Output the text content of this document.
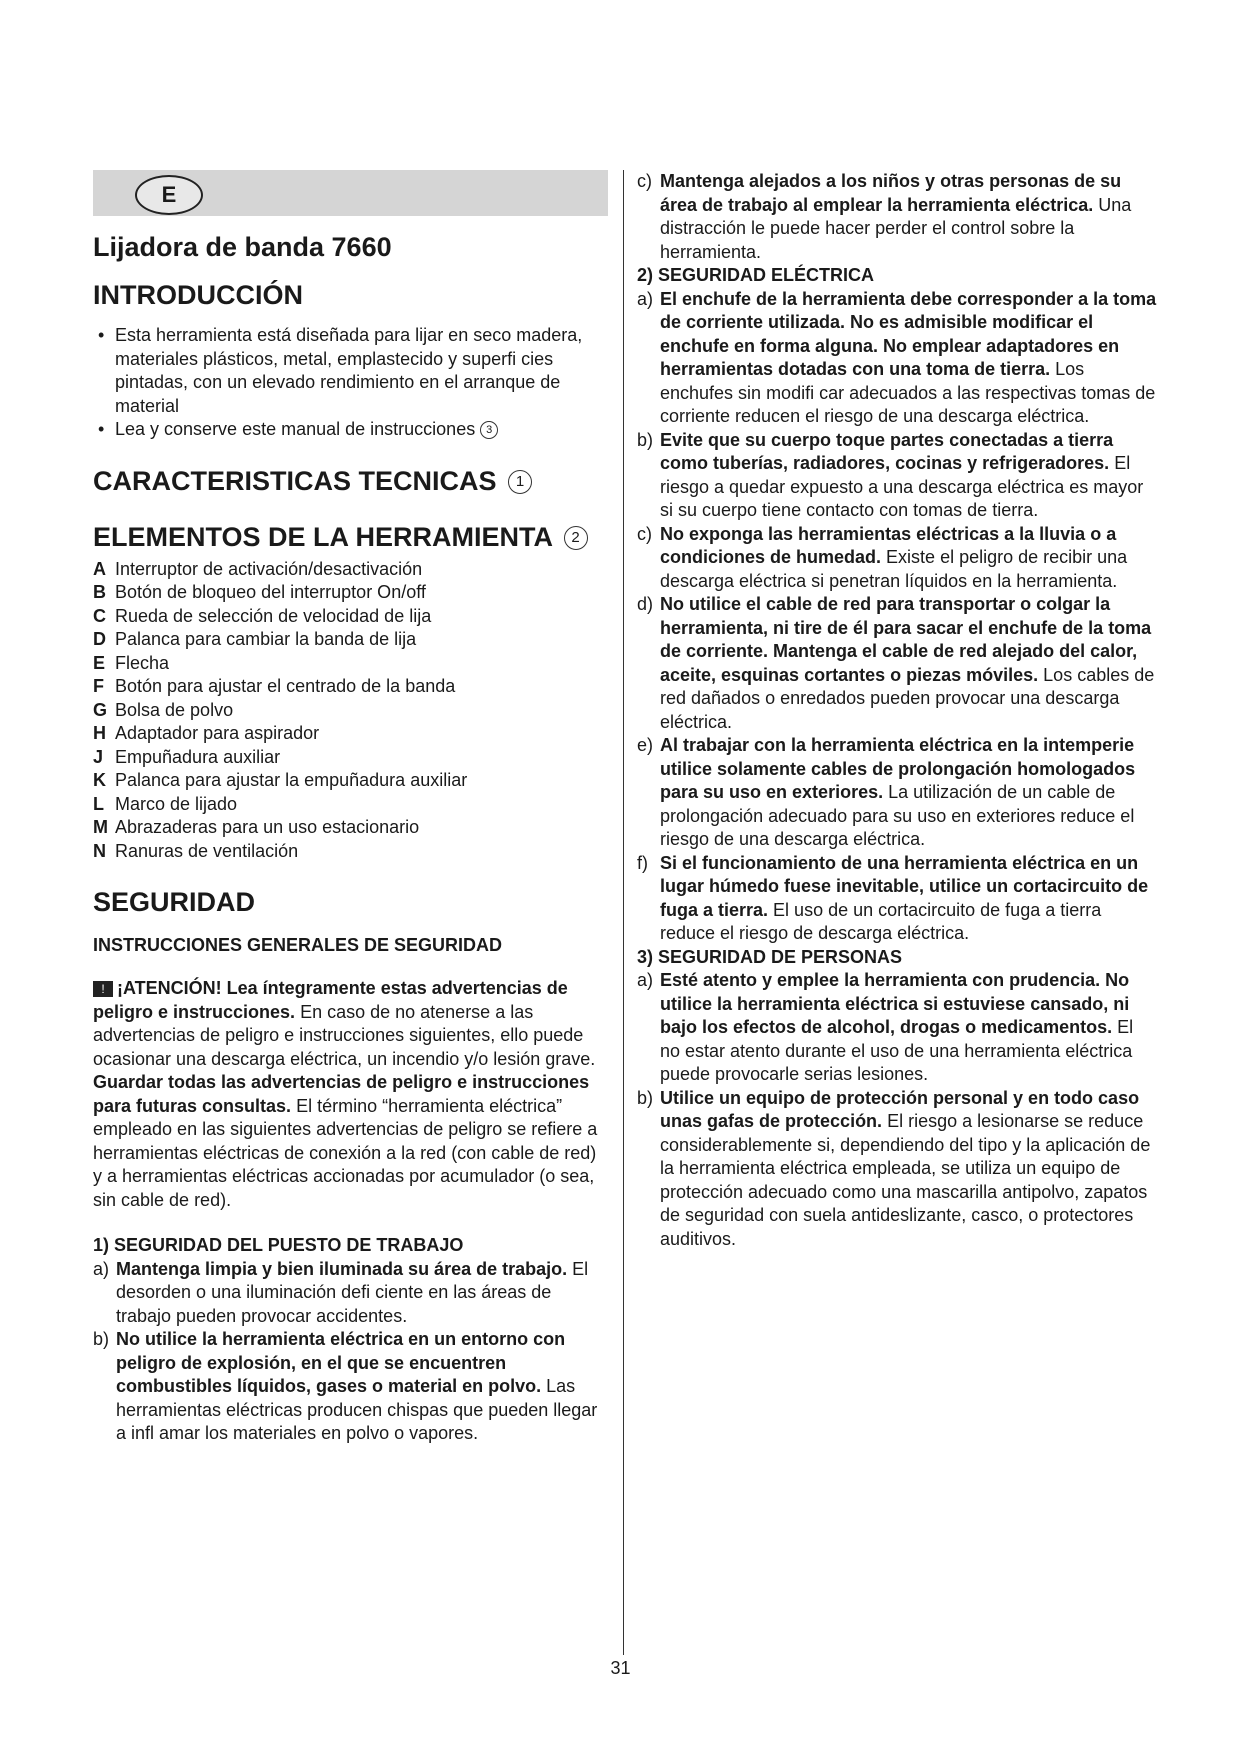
E
Lijadora de banda 7660
INTRODUCCIÓN
• Esta herramienta está diseñada para lijar en seco madera, materiales plásticos, metal, emplastecido y superfi cies pintadas, con un elevado rendimiento en el arranque de material
• Lea y conserve este manual de instrucciones 3
CARACTERISTICAS TECNICAS 1
ELEMENTOS DE LA HERRAMIENTA 2
A Interruptor de activación/desactivación
B Botón de bloqueo del interruptor On/off
C Rueda de selección de velocidad de lija
D Palanca para cambiar la banda de lija
E Flecha
F Botón para ajustar el centrado de la banda
G Bolsa de polvo
H Adaptador para aspirador
J Empuñadura auxiliar
K Palanca para ajustar la empuñadura auxiliar
L Marco de lijado
M Abrazaderas para un uso estacionario
N Ranuras de ventilación
SEGURIDAD
INSTRUCCIONES GENERALES DE SEGURIDAD

! ¡ATENCIÓN! Lea íntegramente estas advertencias de peligro e instrucciones. En caso de no atenerse a las advertencias de peligro e instrucciones siguientes, ello puede ocasionar una descarga eléctrica, un incendio y/o lesión grave. Guardar todas las advertencias de peligro e instrucciones para futuras consultas. El término “herramienta eléctrica” empleado en las siguientes advertencias de peligro se refiere a herramientas eléctricas de conexión a la red (con cable de red) y a herramientas eléctricas accionadas por acumulador (o sea, sin cable de red).

1) SEGURIDAD DEL PUESTO DE TRABAJO
a) Mantenga limpia y bien iluminada su área de trabajo. El desorden o una iluminación defi ciente en las áreas de trabajo pueden provocar accidentes.
b) No utilice la herramienta eléctrica en un entorno con peligro de explosión, en el que se encuentren combustibles líquidos, gases o material en polvo. Las herramientas eléctricas producen chispas que pueden llegar a infl amar los materiales en polvo o vapores.
c) Mantenga alejados a los niños y otras personas de su área de trabajo al emplear la herramienta eléctrica. Una distracción le puede hacer perder el control sobre la herramienta.
2) SEGURIDAD ELÉCTRICA
a) El enchufe de la herramienta debe corresponder a la toma de corriente utilizada. No es admisible modificar el enchufe en forma alguna. No emplear adaptadores en herramientas dotadas con una toma de tierra. Los enchufes sin modifi car adecuados a las respectivas tomas de corriente reducen el riesgo de una descarga eléctrica.
b) Evite que su cuerpo toque partes conectadas a tierra como tuberías, radiadores, cocinas y refrigeradores. El riesgo a quedar expuesto a una descarga eléctrica es mayor si su cuerpo tiene contacto con tomas de tierra.
c) No exponga las herramientas eléctricas a la lluvia o a condiciones de humedad. Existe el peligro de recibir una descarga eléctrica si penetran líquidos en la herramienta.
d) No utilice el cable de red para transportar o colgar la herramienta, ni tire de él para sacar el enchufe de la toma de corriente. Mantenga el cable de red alejado del calor, aceite, esquinas cortantes o piezas móviles. Los cables de red dañados o enredados pueden provocar una descarga eléctrica.
e) Al trabajar con la herramienta eléctrica en la intemperie utilice solamente cables de prolongación homologados para su uso en exteriores. La utilización de un cable de prolongación adecuado para su uso en exteriores reduce el riesgo de una descarga eléctrica.
f) Si el funcionamiento de una herramienta eléctrica en un lugar húmedo fuese inevitable, utilice un cortacircuito de fuga a tierra. El uso de un cortacircuito de fuga a tierra reduce el riesgo de descarga eléctrica.
3) SEGURIDAD DE PERSONAS
a) Esté atento y emplee la herramienta con prudencia. No utilice la herramienta eléctrica si estuviese cansado, ni bajo los efectos de alcohol, drogas o medicamentos. El no estar atento durante el uso de una herramienta eléctrica puede provocarle serias lesiones.
b) Utilice un equipo de protección personal y en todo caso unas gafas de protección. El riesgo a lesionarse se reduce considerablemente si, dependiendo del tipo y la aplicación de la herramienta eléctrica empleada, se utiliza un equipo de protección adecuado como una mascarilla antipolvo, zapatos de seguridad con suela antideslizante, casco, o protectores auditivos.
31
